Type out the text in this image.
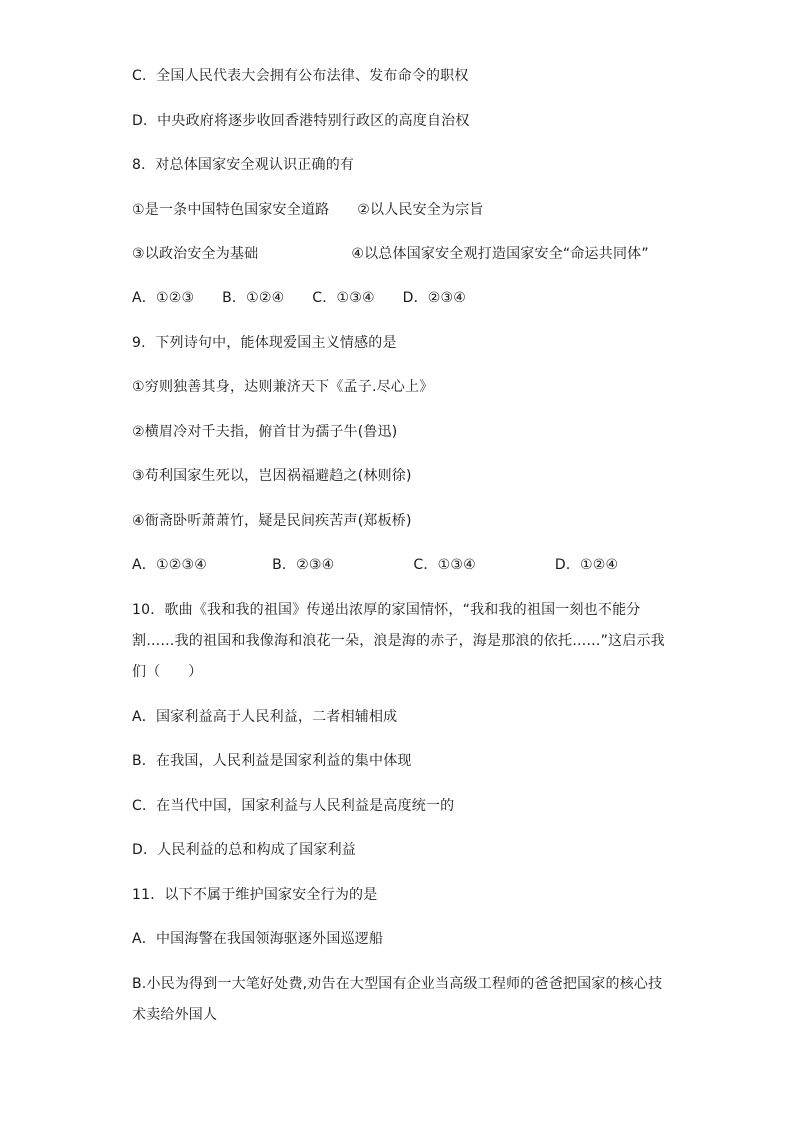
C．全国人民代表大会拥有公布法律、发布命令的职权
D．中央政府将逐步收回香港特别行政区的高度自治权
8．对总体国家安全观认识正确的有
①是一条中国特色国家安全道路      ②以人民安全为宗旨
③以政治安全为基础                    ④以总体国家安全观打造国家安全“命运共同体”
A．①②③      B．①②④      C．①③④      D．②③④
9．下列诗句中，能体现爱国主义情感的是
①穷则独善其身，达则兼济天下《孟子.尽心上》
②横眉冷对千夫指，俯首甘为孺子牛(鲁迅)
③苟利国家生死以，岂因祸福避趋之(林则徐)
④衙斋卧听萧萧竹，疑是民间疾苦声(郑板桥)
A．①②③④              B．②③④                 C．①③④                 D．①②④
10．歌曲《我和我的祖国》传递出浓厚的家国情怀，“我和我的祖国一刻也不能分
割……我的祖国和我像海和浪花一朵，浪是海的赤子，海是那浪的依托……”这启示我
们（      ）
A．国家利益高于人民利益，二者相辅相成
B．在我国，人民利益是国家利益的集中体现
C．在当代中国，国家利益与人民利益是高度统一的
D．人民利益的总和构成了国家利益
11．以下不属于维护国家安全行为的是
A．中国海警在我国领海驱逐外国巡逻船
B.小民为得到一大笔好处费,劝告在大型国有企业当高级工程师的爸爸把国家的核心技
术卖给外国人
